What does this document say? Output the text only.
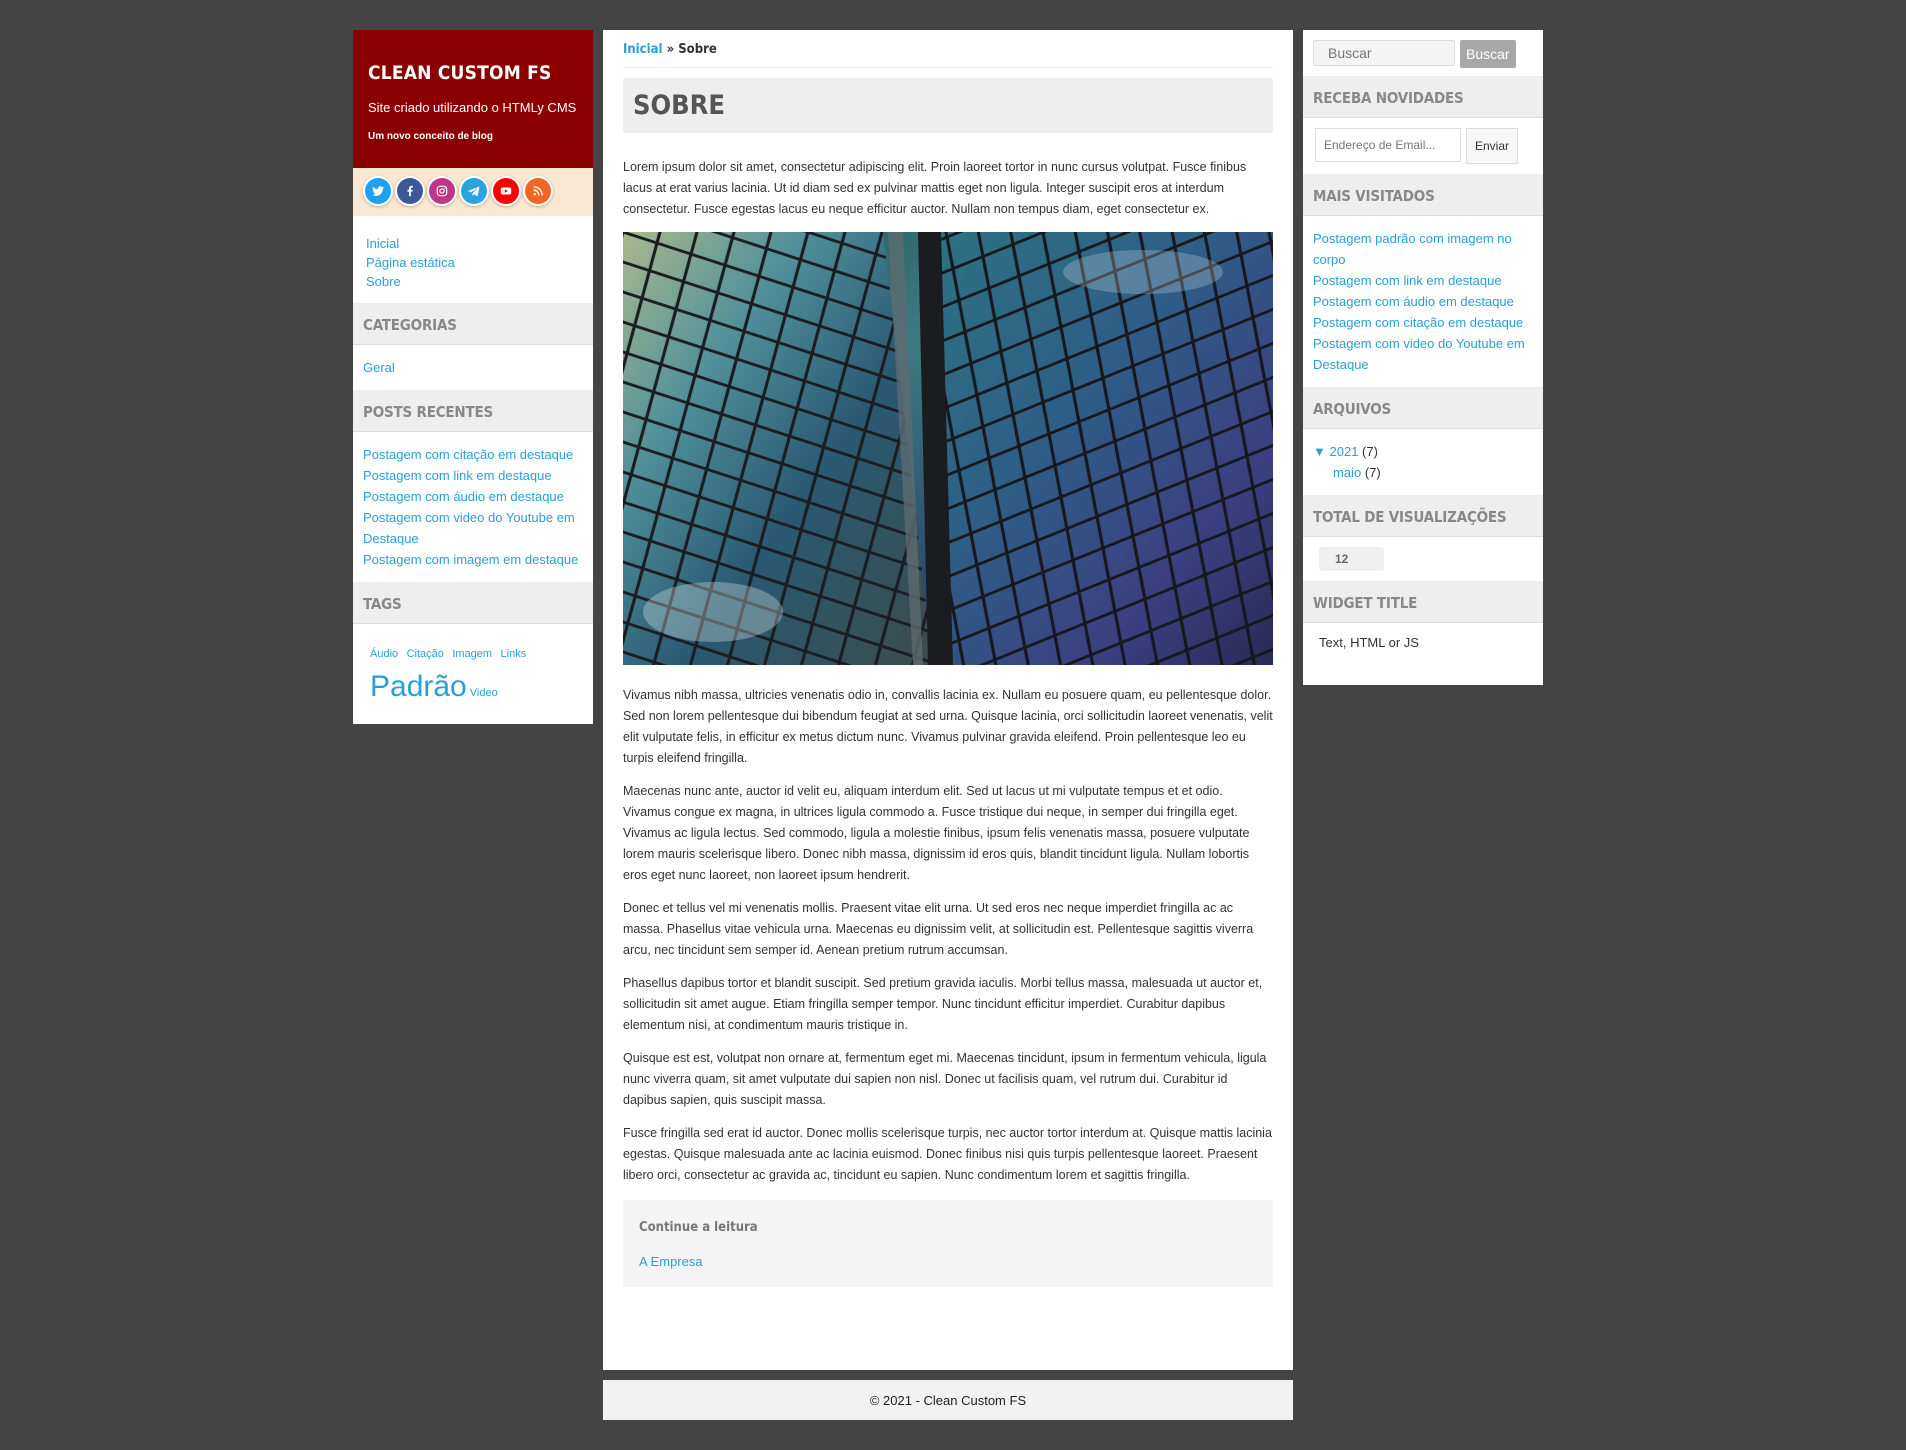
CLEAN CUSTOM FS
Site criado utilizando o HTMLy CMS
Um novo conceito de blog
Inicial
Página estática
Sobre
CATEGORIAS
Geral
POSTS RECENTES
Postagem com citação em destaque
Postagem com link em destaque
Postagem com áudio em destaque
Postagem com video do Youtube em Destaque
Postagem com imagem em destaque
TAGS
Áudio Citação Imagem Links
Padrão Video
Inicial » Sobre
SOBRE

Lorem ipsum dolor sit amet, consectetur adipiscing elit. Proin laoreet tortor in nunc cursus volutpat. Fusce finibus lacus at erat varius lacinia. Ut id diam sed ex pulvinar mattis eget non ligula. Integer suscipit eros at interdum consectetur. Fusce egestas lacus eu neque efficitur auctor. Nullam non tempus diam, eget consectetur ex.

Vivamus nibh massa, ultricies venenatis odio in, convallis lacinia ex. Nullam eu posuere quam, eu pellentesque dolor. Sed non lorem pellentesque dui bibendum feugiat at sed urna. Quisque lacinia, orci sollicitudin laoreet venenatis, velit elit vulputate felis, in efficitur ex metus dictum nunc. Vivamus pulvinar gravida eleifend. Proin pellentesque leo eu turpis eleifend fringilla.

Maecenas nunc ante, auctor id velit eu, aliquam interdum elit. Sed ut lacus ut mi vulputate tempus et et odio. Vivamus congue ex magna, in ultrices ligula commodo a. Fusce tristique dui neque, in semper dui fringilla eget. Vivamus ac ligula lectus. Sed commodo, ligula a molestie finibus, ipsum felis venenatis massa, posuere vulputate lorem mauris scelerisque libero. Donec nibh massa, dignissim id eros quis, blandit tincidunt ligula. Nullam lobortis eros eget nunc laoreet, non laoreet ipsum hendrerit.

Donec et tellus vel mi venenatis mollis. Praesent vitae elit urna. Ut sed eros nec neque imperdiet fringilla ac ac massa. Phasellus vitae vehicula urna. Maecenas eu dignissim velit, at sollicitudin est. Pellentesque sagittis viverra arcu, nec tincidunt sem semper id. Aenean pretium rutrum accumsan.

Phasellus dapibus tortor et blandit suscipit. Sed pretium gravida iaculis. Morbi tellus massa, malesuada ut auctor et, sollicitudin sit amet augue. Etiam fringilla semper tempor. Nunc tincidunt efficitur imperdiet. Curabitur dapibus elementum nisi, at condimentum mauris tristique in.

Quisque est est, volutpat non ornare at, fermentum eget mi. Maecenas tincidunt, ipsum in fermentum vehicula, ligula nunc viverra quam, sit amet vulputate dui sapien non nisl. Donec ut facilisis quam, vel rutrum dui. Curabitur id dapibus sapien, quis suscipit massa.

Fusce fringilla sed erat id auctor. Donec mollis scelerisque turpis, nec auctor tortor interdum at. Quisque mattis lacinia egestas. Quisque malesuada ante ac lacinia euismod. Donec finibus nisi quis turpis pellentesque laoreet. Praesent libero orci, consectetur ac gravida ac, tincidunt eu sapien. Nunc condimentum lorem et sagittis fringilla.

Continue a leitura
A Empresa
© 2021 - Clean Custom FS
Buscar
Buscar
RECEBA NOVIDADES
Endereço de Email...
Enviar
MAIS VISITADOS
Postagem padrão com imagem no corpo
Postagem com link em destaque
Postagem com áudio em destaque
Postagem com citação em destaque
Postagem com video do Youtube em Destaque
ARQUIVOS
▼ 2021 (7)
maio (7)
TOTAL DE VISUALIZAÇÕES
12
WIDGET TITLE
Text, HTML or JS
